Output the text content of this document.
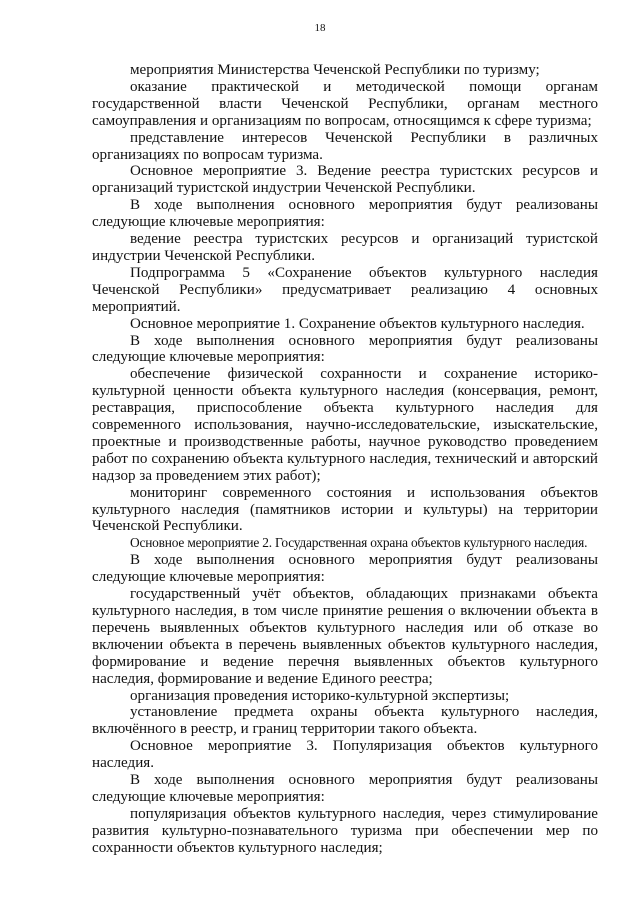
18

мероприятия Министерства Чеченской Республики по туризму;

оказание практической и методической помощи органам государственной власти Чеченской Республики, органам местного самоуправления и организациям по вопросам, относящимся к сфере туризма;

представление интересов Чеченской Республики в различных организациях по вопросам туризма.

Основное мероприятие 3. Ведение реестра туристских ресурсов и организаций туристской индустрии Чеченской Республики.

В ходе выполнения основного мероприятия будут реализованы следующие ключевые мероприятия:

ведение реестра туристских ресурсов и организаций туристской индустрии Чеченской Республики.

Подпрограмма 5 «Сохранение объектов культурного наследия Чеченской Республики» предусматривает реализацию 4 основных мероприятий.

Основное мероприятие 1. Сохранение объектов культурного наследия.

В ходе выполнения основного мероприятия будут реализованы следующие ключевые мероприятия:

обеспечение физической сохранности и сохранение историко-культурной ценности объекта культурного наследия (консервация, ремонт, реставрация, приспособление объекта культурного наследия для современного использования, научно-исследовательские, изыскательские, проектные и производственные работы, научное руководство проведением работ по сохранению объекта культурного наследия, технический и авторский надзор за проведением этих работ);

мониторинг современного состояния и использования объектов культурного наследия (памятников истории и культуры) на территории Чеченской Республики.

Основное мероприятие 2. Государственная охрана объектов культурного наследия.

В ходе выполнения основного мероприятия будут реализованы следующие ключевые мероприятия:

государственный учёт объектов, обладающих признаками объекта культурного наследия, в том числе принятие решения о включении объекта в перечень выявленных объектов культурного наследия или об отказе во включении объекта в перечень выявленных объектов культурного наследия, формирование и ведение перечня выявленных объектов культурного наследия, формирование и ведение Единого реестра;

организация проведения историко-культурной экспертизы;

установление предмета охраны объекта культурного наследия, включённого в реестр, и границ территории такого объекта.

Основное мероприятие 3. Популяризация объектов культурного наследия.

В ходе выполнения основного мероприятия будут реализованы следующие ключевые мероприятия:

популяризация объектов культурного наследия, через стимулирование развития культурно-познавательного туризма при обеспечении мер по сохранности объектов культурного наследия;
